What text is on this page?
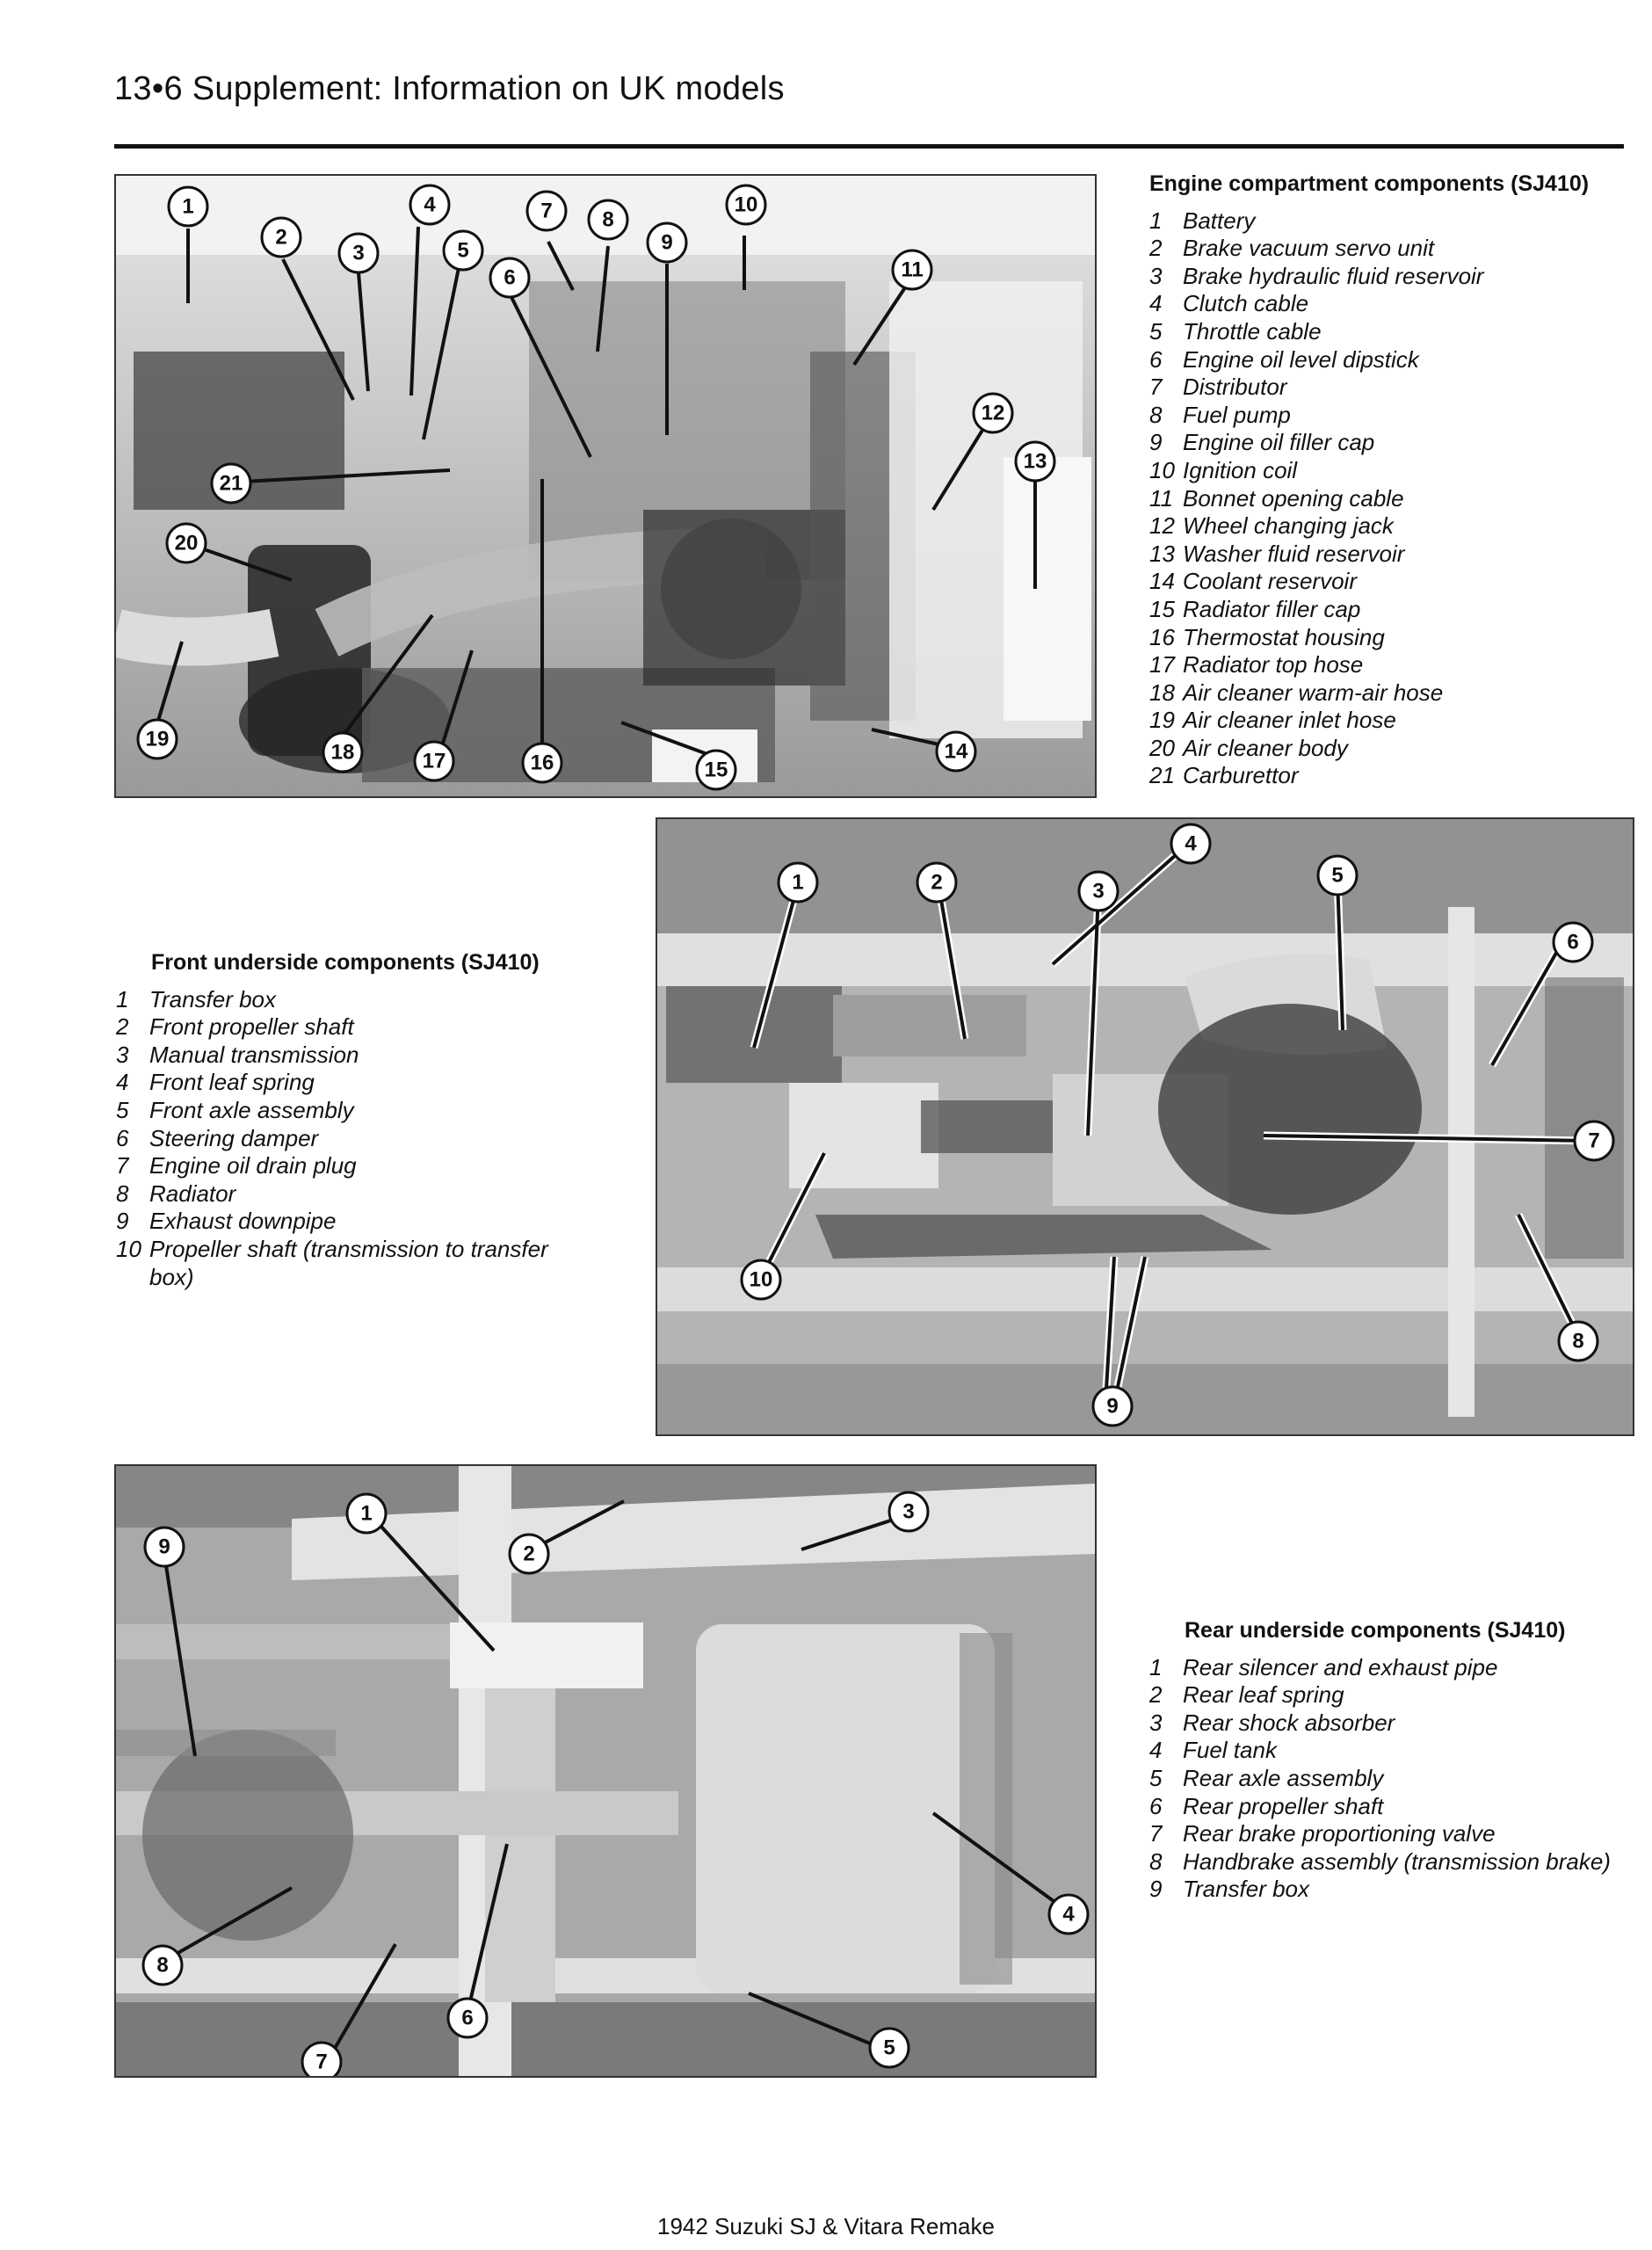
13•6 Supplement: Information on UK models
1
2
3
4
5
6
7 8
9
10
11
12
13
14
15
16
17
18
19
20
21
Engine compartment components (SJ410)
1 Battery
2 Brake vacuum servo unit
3 Brake hydraulic fluid reservoir
4 Clutch cable
5 Throttle cable
6 Engine oil level dipstick
7 Distributor
8 Fuel pump
9 Engine oil filler cap
10 Ignition coil
11 Bonnet opening cable
12 Wheel changing jack
13 Washer fluid reservoir
14 Coolant reservoir
15 Radiator filler cap
16 Thermostat housing
17 Radiator top hose
18 Air cleaner warm-air hose
19 Air cleaner inlet hose
20 Air cleaner body
21 Carburettor
Front underside components (SJ410)
1 Transfer box
2 Front propeller shaft
3 Manual transmission
4 Front leaf spring
5 Front axle assembly
6 Steering damper
7 Engine oil drain plug
8 Radiator
9 Exhaust downpipe
10 Propeller shaft (transmission to transfer box)
1	2	3
4
5
6
7
8
9
10
1
2
3
4
5
6
7
8
9
Rear underside components (SJ410)
1 Rear silencer and exhaust pipe
2 Rear leaf spring
3 Rear shock absorber
4 Fuel tank
5 Rear axle assembly
6 Rear propeller shaft
7 Rear brake proportioning valve
8 Handbrake assembly (transmission brake)
9 Transfer box
1942 Suzuki SJ & Vitara Remake
